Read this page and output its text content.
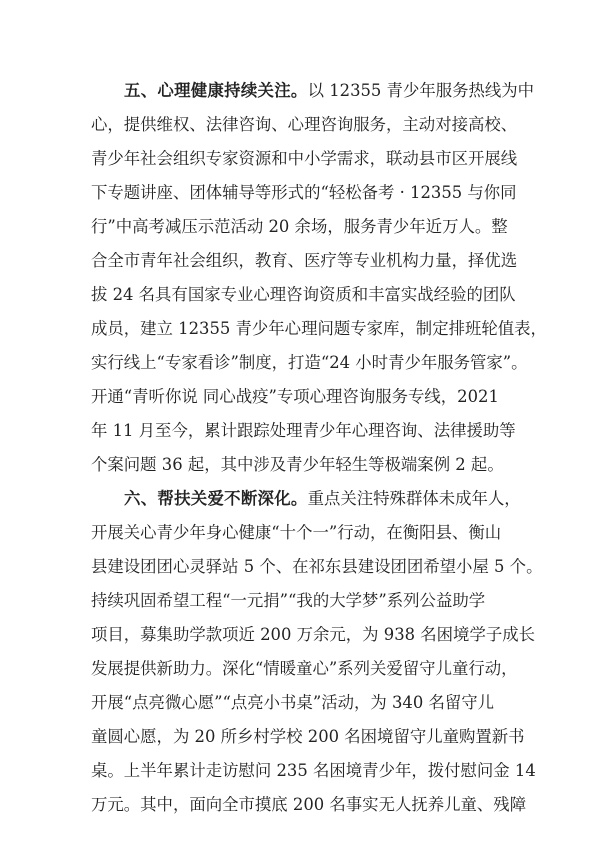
五、心理健康持续关注。以 12355 青少年服务热线为中
心，提供维权、法律咨询、心理咨询服务，主动对接高校、
青少年社会组织专家资源和中小学需求，联动县市区开展线
下专题讲座、团体辅导等形式的“轻松备考 · 12355 与你同
行”中高考减压示范活动 20 余场，服务青少年近万人。整
合全市青年社会组织，教育、医疗等专业机构力量，择优选
拔 24 名具有国家专业心理咨询资质和丰富实战经验的团队
成员，建立 12355 青少年心理问题专家库，制定排班轮值表，
实行线上“专家看诊”制度，打造“24 小时青少年服务管家”。
开通“青听你说 同心战疫”专项心理咨询服务专线，2021
年 11 月至今，累计跟踪处理青少年心理咨询、法律援助等
个案问题 36 起，其中涉及青少年轻生等极端案例 2 起。
六、帮扶关爱不断深化。重点关注特殊群体未成年人，
开展关心青少年身心健康“十个一”行动，在衡阳县、衡山
县建设团团心灵驿站 5 个、在祁东县建设团团希望小屋 5 个。
持续巩固希望工程“一元捐”“我的大学梦”系列公益助学
项目，募集助学款项近 200 万余元，为 938 名困境学子成长
发展提供新助力。深化“情暖童心”系列关爱留守儿童行动，
开展“点亮微心愿”“点亮小书桌”活动，为 340 名留守儿
童圆心愿，为 20 所乡村学校 200 名困境留守儿童购置新书
桌。上半年累计走访慰问 235 名困境青少年，拨付慰问金 14
万元。其中，面向全市摸底 200 名事实无人抚养儿童、残障
